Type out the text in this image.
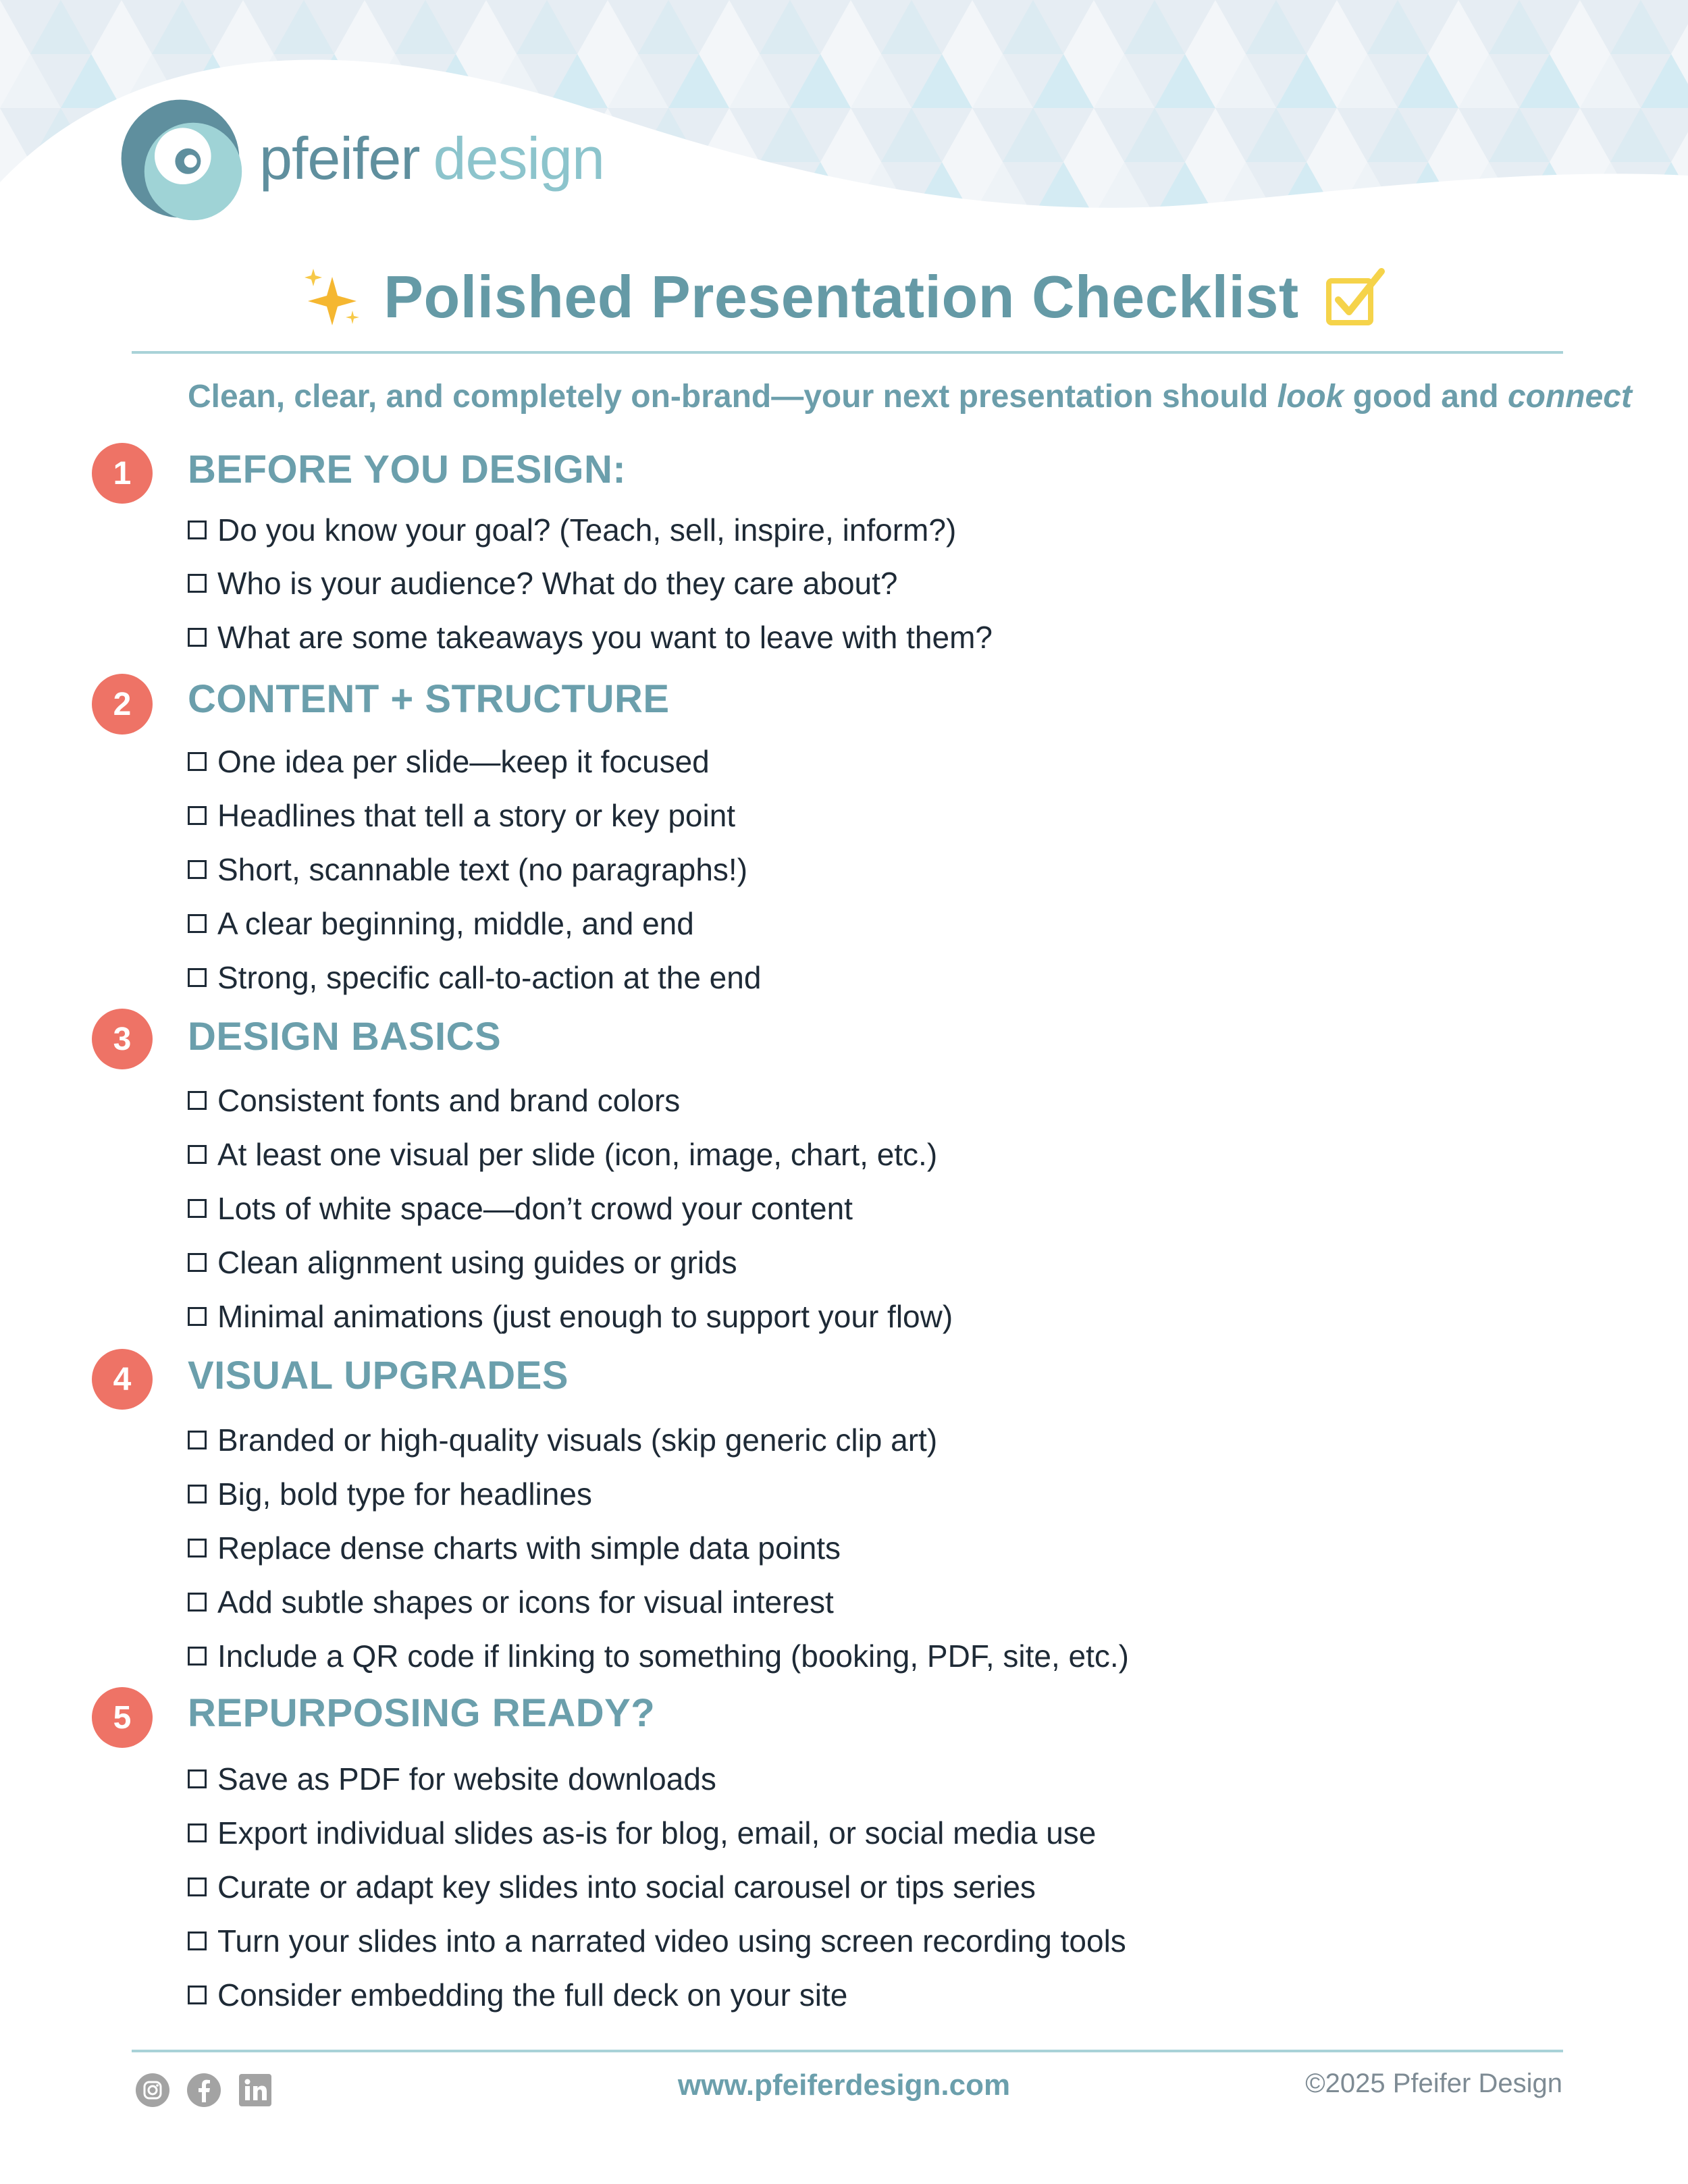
pfeifer design
Polished Presentation Checklist
Clean, clear, and completely on-brand—your next presentation should look good and connect
1	BEFORE YOU DESIGN:
Do you know your goal? (Teach, sell, inspire, inform?)
Who is your audience? What do they care about?
What are some takeaways you want to leave with them?
2	CONTENT + STRUCTURE
One idea per slide—keep it focused
Headlines that tell a story or key point
Short, scannable text (no paragraphs!)
A clear beginning, middle, and end
Strong, specific call-to-action at the end
3	DESIGN BASICS
Consistent fonts and brand colors
At least one visual per slide (icon, image, chart, etc.)
Lots of white space—don’t crowd your content
Clean alignment using guides or grids
Minimal animations (just enough to support your flow)
4	VISUAL UPGRADES
Branded or high-quality visuals (skip generic clip art)
Big, bold type for headlines
Replace dense charts with simple data points
Add subtle shapes or icons for visual interest
Include a QR code if linking to something (booking, PDF, site, etc.)
5	REPURPOSING READY?
Save as PDF for website downloads
Export individual slides as-is for blog, email, or social media use
Curate or adapt key slides into social carousel or tips series
Turn your slides into a narrated video using screen recording tools
Consider embedding the full deck on your site
www.pfeiferdesign.com	©2025 Pfeifer Design
